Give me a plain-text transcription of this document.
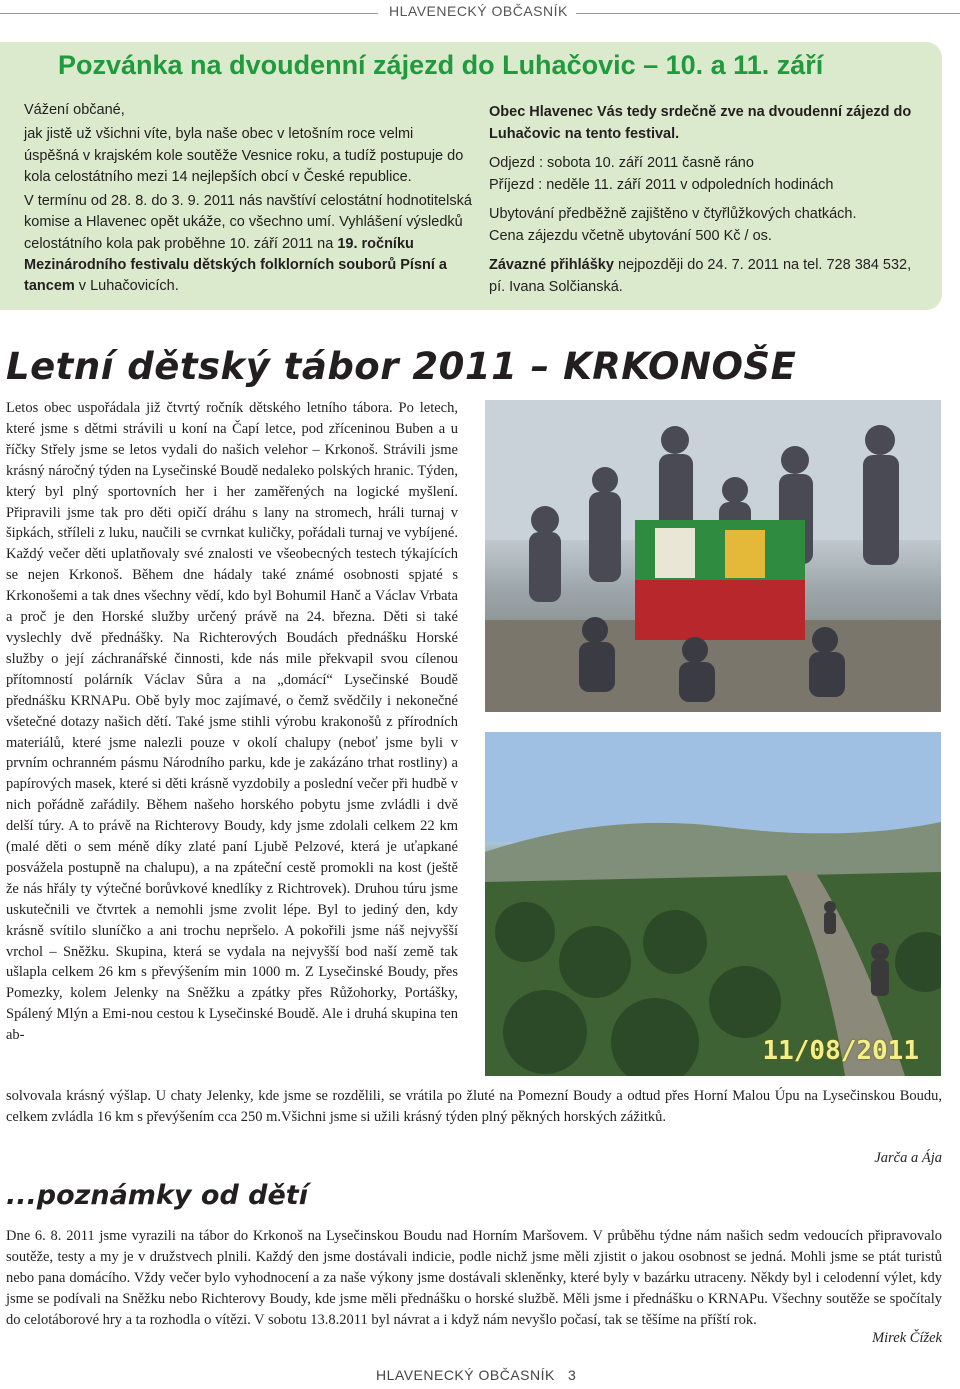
HLAVENECKÝ OBČASNÍK
Pozvánka na dvoudenní zájezd do Luhačovic – 10. a 11. září

Vážení občané,

jak jistě už všichni víte, byla naše obec v letošním roce velmi úspěšná v krajském kole soutěže Vesnice roku, a tudíž postupuje do kola celostátního mezi 14 nejlepších obcí v České republice.

V termínu od 28. 8. do 3. 9. 2011 nás navštíví celostátní hodnotitelská komise a Hlavenec opět ukáže, co všechno umí. Vyhlášení výsledků celostátního kola pak proběhne 10. září 2011 na 19. ročníku Mezinárodního festivalu dětských folklorních souborů Písní a tancem v Luhačovicích.

Obec Hlavenec Vás tedy srdečně zve na dvoudenní zájezd do Luhačovic na tento festival.

Odjezd : sobota 10. září 2011 časně ráno
Příjezd : neděle 11. září 2011 v odpoledních hodinách

Ubytování předběžně zajištěno v čtyřlůžkových chatkách.
Cena zájezdu včetně ubytování 500 Kč / os.

Závazné přihlášky nejpozději do 24. 7. 2011 na tel. 728 384 532, pí. Ivana Solčianská.

Letní dětský tábor 2011 – KRKONOŠE
Letos obec uspořádala již čtvrtý ročník dětského letního tábora. Po letech, které jsme s dětmi strávili u koní na Čapí letce, pod zříceninou Buben a u říčky Střely jsme se letos vydali do našich velehor – Krkonoš. Strávili jsme krásný náročný týden na Lysečinské Boudě nedaleko polských hranic. Týden, který byl plný sportovních her i her zaměřených na logické myšlení. Připravili jsme tak pro děti opičí dráhu s lany na stromech, hráli turnaj v šipkách, stříleli z luku, naučili se cvrnkat kuličky, pořádali turnaj ve vybíjené. Každý večer děti uplatňovaly své znalosti ve všeobecných testech týkajících se nejen Krkonoš. Během dne hádaly také známé osobnosti spjaté s Krkonošemi a tak dnes všechny vědí, kdo byl Bohumil Hanč a Václav Vrbata a proč je den Horské služby určený právě na 24. března. Děti si také vyslechly dvě přednášky. Na Richterových Boudách přednášku Horské služby o její záchranářské činnosti, kde nás mile překvapil svou cílenou přítomností polárník Václav Sůra a na „domácí“ Lysečinské Boudě přednášku KRNAPu. Obě byly moc zajímavé, o čemž svědčily i nekonečné všetečné dotazy našich dětí. Také jsme stihli výrobu krakonošů z přírodních materiálů, které jsme nalezli pouze v okolí chalupy (neboť jsme byli v prvním ochranném pásmu Národního parku, kde je zakázáno trhat rostliny) a papírových masek, které si děti krásně vyzdobily a poslední večer při hudbě v nich pořádně zařádily. Během našeho horského pobytu jsme zvládli i dvě delší túry. A to právě na Richterovy Boudy, kdy jsme zdolali celkem 22 km (malé děti o sem méně díky zlaté paní Ljubě Pelzové, která je uťapkané posvážela postupně na chalupu), a na zpáteční cestě promokli na kost (ještě že nás hřály ty výtečné borůvkové knedlíky z Richtrovek). Druhou túru jsme uskutečnili ve čtvrtek a nemohli jsme zvolit lépe. Byl to jediný den, kdy krásně svítilo sluníčko a ani trochu nepršelo. A pokořili jsme náš nejvyšší vrchol – Sněžku. Skupina, která se vydala na nejvyšší bod naší země tak ušlapla celkem 26 km s převýšením min 1000 m. Z Lysečinské Boudy, přes Pomezky, kolem Jelenky na Sněžku a zpátky přes Růžohorky, Portášky, Spálený Mlýn a Emi-nou cestou k Lysečinské Boudě. Ale i druhá skupina ten ab-
11/08/2011
solvovala krásný výšlap. U chaty Jelenky, kde jsme se rozdělili, se vrátila po žluté na Pomezní Boudy a odtud přes Horní Malou Úpu na Lysečinskou Boudu, celkem zvládla 16 km s převýšením cca 250 m.Všichni jsme si užili krásný týden plný pěkných horských zážitků.
Jarča a Ája
...poznámky od dětí
Dne 6. 8. 2011 jsme vyrazili na tábor do Krkonoš na Lysečinskou Boudu nad Horním Maršovem. V průběhu týdne nám našich sedm vedoucích připravovalo soutěže, testy a my je v družstvech plnili. Každý den jsme dostávali indicie, podle nichž jsme měli zjistit o jakou osobnost se jedná. Mohli jsme se ptát turistů nebo pana domácího. Vždy večer bylo vyhodnocení a za naše výkony jsme dostávali skleněnky, které byly v bazárku utraceny. Někdy byl i celodenní výlet, kdy jsme se podívali na Sněžku nebo Richterovy Boudy, kde jsme měli přednášku o horské službě. Měli jsme i přednášku o KRNAPu. Všechny soutěže se spočítaly do celotáborové hry a ta rozhodla o vítězi. V sobotu 13.8.2011 byl návrat a i když nám nevyšlo počasí, tak se těšíme na příští rok.
Mirek Čížek
HLAVENECKÝ OBČASNÍK 3
